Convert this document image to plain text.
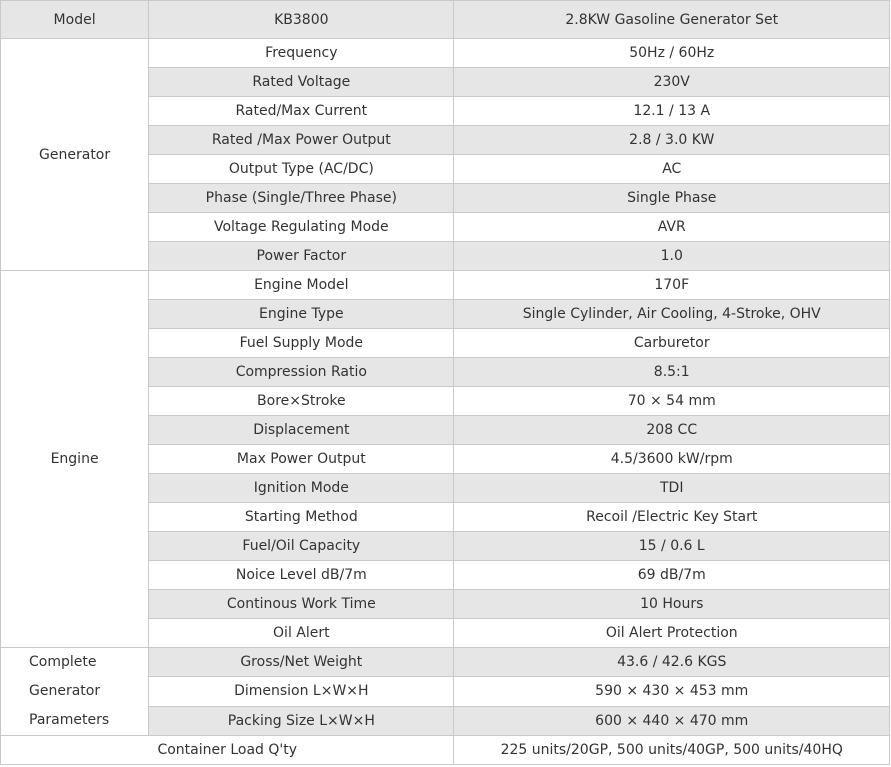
Model	KB3800	2.8KW Gasoline Generator Set
Generator	Frequency	50Hz / 60Hz
	Rated Voltage	230V
	Rated/Max Current	12.1 / 13 A
	Rated /Max Power Output	2.8 / 3.0 KW
	Output Type (AC/DC)	AC
	Phase (Single/Three Phase)	Single Phase
	Voltage Regulating Mode	AVR
	Power Factor	1.0
Engine	Engine Model	170F
	Engine Type	Single Cylinder, Air Cooling, 4-Stroke, OHV
	Fuel Supply Mode	Carburetor
	Compression Ratio	8.5:1
	Bore×Stroke	70 × 54 mm
	Displacement	208 CC
	Max Power Output	4.5/3600 kW/rpm
	Ignition Mode	TDI
	Starting Method	Recoil /Electric Key Start
	Fuel/Oil Capacity	15 / 0.6 L
	Noice Level dB/7m	69 dB/7m
	Continous Work Time	10 Hours
	Oil Alert	Oil Alert Protection

Complete
Generator
Parameters	Gross/Net Weight	43.6 / 42.6 KGS
	Dimension L×W×H	590 × 430 × 453 mm
	Packing Size L×W×H	600 × 440 × 470 mm
Container Load Q'ty		225 units/20GP, 500 units/40GP, 500 units/40HQ
